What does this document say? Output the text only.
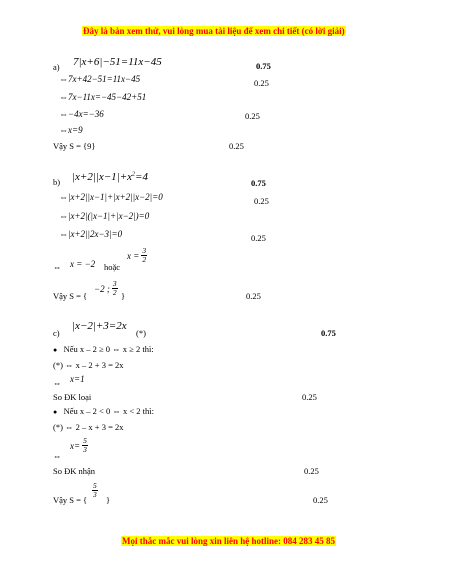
Đây là bản xem thử, vui lòng mua tài liệu để xem chi tiết (có lời giải)
a) 7|x+6|−51=11x−45	0.75
⇔7x+42−51=11x−45	0.25
⇔7x−11x=−45−42+51
⇔−4x=−36	0.25
⇔x=9
Vậy S = {9}	0.25
b) $|x+2||x-1|+x^2=4$	0.75
⇔|x+2||x−1|+|x+2||x−2|=0	0.25
⇔|x+2|(|x−1|+|x−2|)=0
⇔|x+2||2x−3|=0	0.25
⇔ x = −2 hoặc
$x = \frac{3}{2}$
Vậy S = {
−2 ; $\frac{3}{2}$ }	0.25
c)
|x−2|+3=2x
(*)	0.75
● Nếu x – 2 ≥ 0 ⇔ x ≥ 2 thì:
(*) ⇔ x – 2 + 3 = 2x
⇔ x=1
So ĐK loại	0.25
● Nếu x – 2 < 0 ⇔ x < 2 thì:
(*) ⇔ 2 – x + 3 = 2x
⇔
$x= \frac{5}{3}$
So ĐK nhận	0.25
Vậy S = {
$\frac{5}{3}$
}	0.25
Mọi thắc mắc vui lòng xin liên hệ hotline: 084 283 45 85
